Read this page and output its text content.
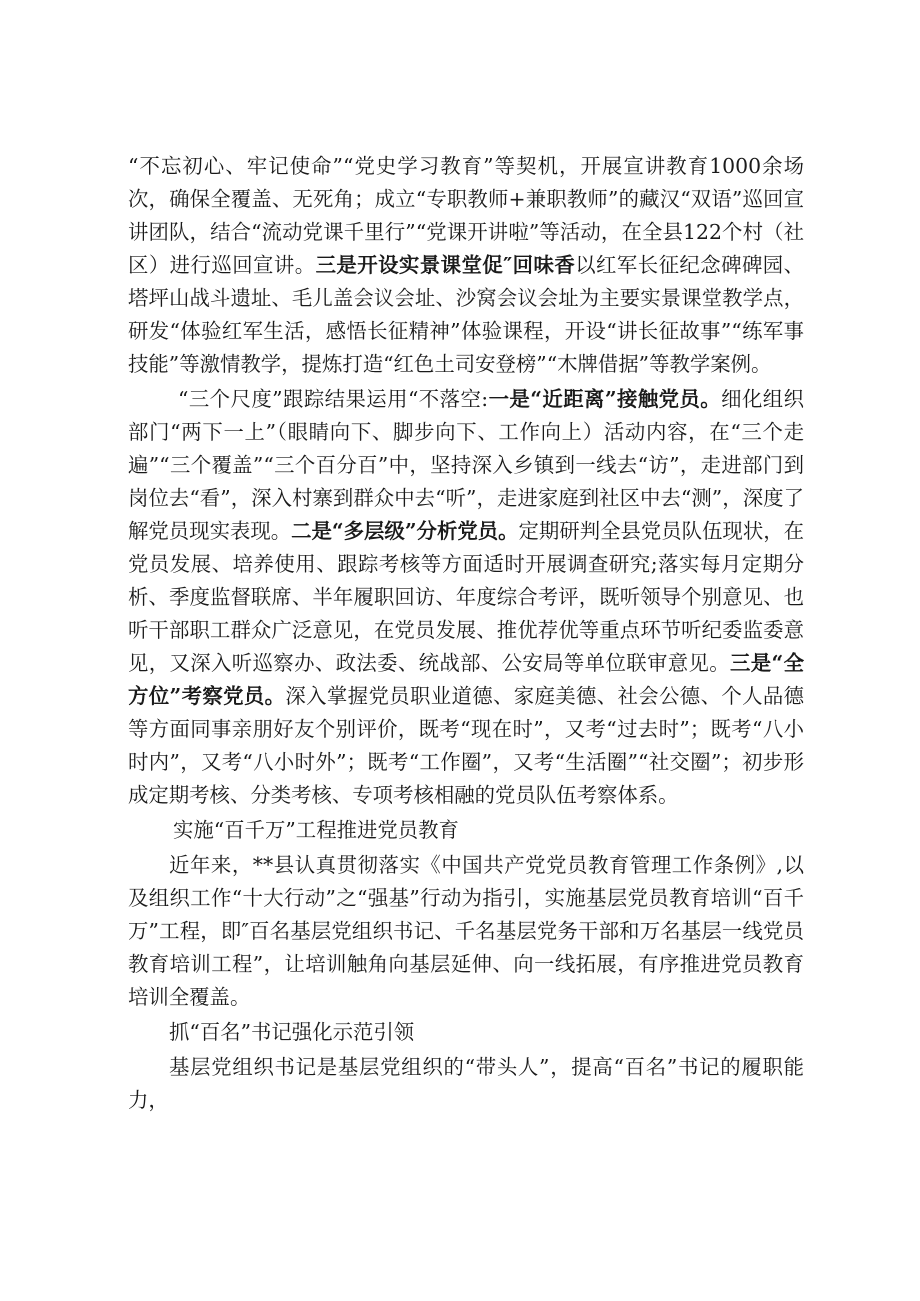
“不忘初心、牢记使命”“党史学习教育”等契机，开展宣讲教育1000余场次，确保全覆盖、无死角；成立“专职教师+兼职教师”的藏汉“双语”巡回宣讲团队，结合“流动党课千里行”“党课开讲啦”等活动，在全县122个村（社区）进行巡回宣讲。三是开设实景课堂促″回味香以红军长征纪念碑碑园、塔坪山战斗遗址、毛儿盖会议会址、沙窝会议会址为主要实景课堂教学点，研发“体验红军生活，感悟长征精神”体验课程，开设“讲长征故事”“练军事技能”等激情教学，提炼打造“红色土司安登榜”“木牌借据”等教学案例。

“三个尺度”跟踪结果运用“不落空:一是“近距离”接触党员。细化组织部门“两下一上”（眼睛向下、脚步向下、工作向上）活动内容，在“三个走遍”“三个覆盖”“三个百分百”中，坚持深入乡镇到一线去“访”，走进部门到岗位去“看”，深入村寨到群众中去“听”，走进家庭到社区中去“测”，深度了解党员现实表现。二是“多层级”分析党员。定期研判全县党员队伍现状，在党员发展、培养使用、跟踪考核等方面适时开展调查研究;落实每月定期分析、季度监督联席、半年履职回访、年度综合考评，既听领导个别意见、也听干部职工群众广泛意见，在党员发展、推优荐优等重点环节听纪委监委意见，又深入听巡察办、政法委、统战部、公安局等单位联审意见。三是“全方位”考察党员。深入掌握党员职业道德、家庭美德、社会公德、个人品德等方面同事亲朋好友个别评价，既考“现在时”，又考“过去时”；既考“八小时内”，又考“八小时外”；既考“工作圈”，又考“生活圈”“社交圈”；初步形成定期考核、分类考核、专项考核相融的党员队伍考察体系。

实施“百千万”工程推进党员教育

近年来，**县认真贯彻落实《中国共产党党员教育管理工作条例》,以及组织工作“十大行动”之“强基”行动为指引，实施基层党员教育培训“百千万”工程，即″百名基层党组织书记、千名基层党务干部和万名基层一线党员教育培训工程”，让培训触角向基层延伸、向一线拓展，有序推进党员教育培训全覆盖。

抓“百名”书记强化示范引领

基层党组织书记是基层党组织的“带头人”，提高“百名”书记的履职能力，
